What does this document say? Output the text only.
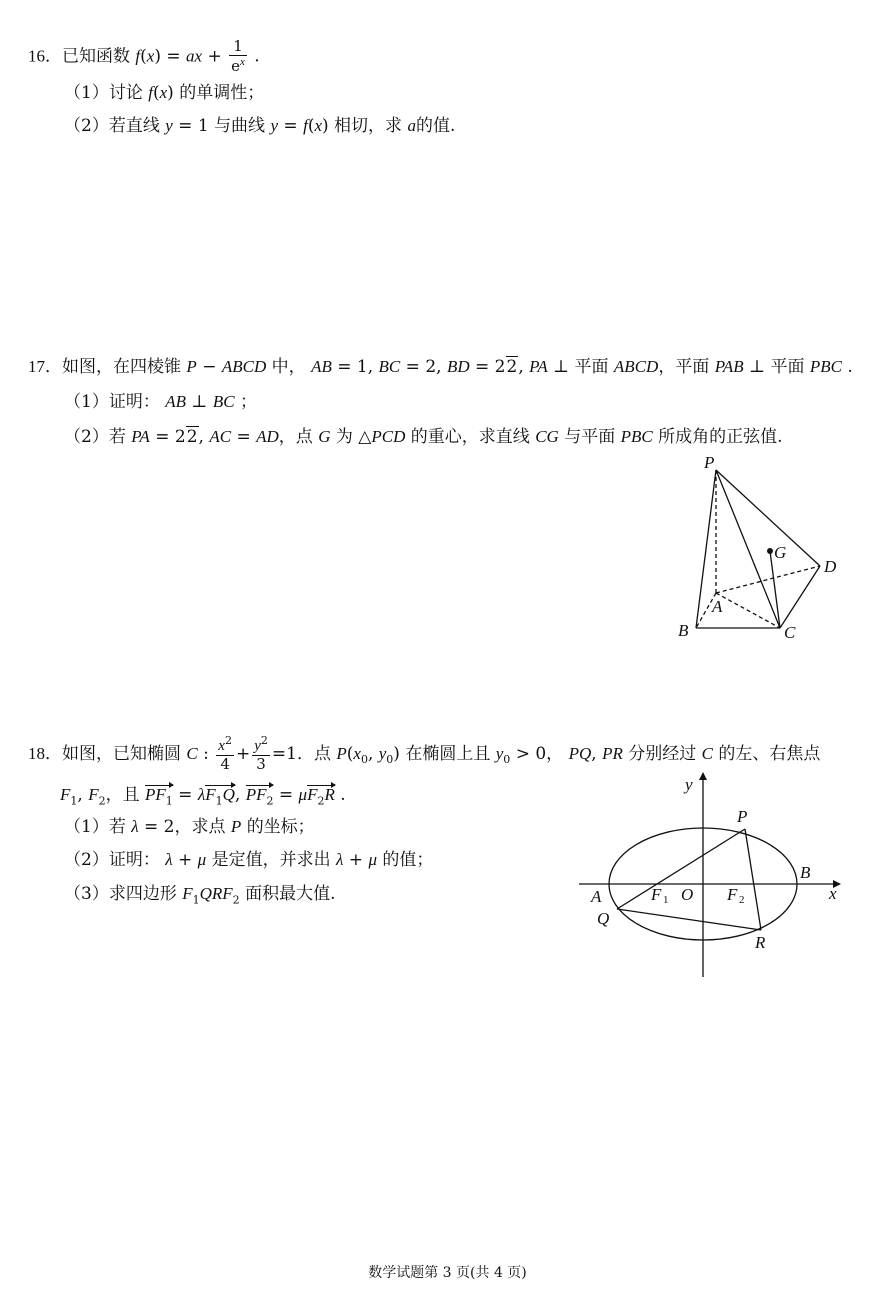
16．已知函数 f(x) = ax + $\frac{1}{e^x}$ .
（1）讨论 f(x) 的单调性；
（2）若直线 y = 1 与曲线 y = f(x) 相切，求 a的值.
17．如图，在四棱锥 P − ABCD 中， AB = 1, BC = 2, BD = 22, PA ⊥ 平面 ABCD，平面 PAB ⊥ 平面 PBC .
（1）证明： AB ⊥ BC ；
（2）若 PA = 22, AC = AD，点 G 为 △PCD 的重心，求直线 CG 与平面 PBC 所成角的正弦值.
P
G
D
A
B	C
18．如图，已知椭圆 C : $\frac{x^2}{4} + \frac{y^2}{3} =1$．点 $P(x_0$, $y_0$) 在椭圆上且 $y_0 > 0$， PQ, PR 分别经过 C 的左、右焦点
$F_1$, $F_2$，且 $PF_1 = \lambda F_1Q$, $PF_2 = \mu F_2R$ .
（1）若 λ = 2，求点 P 的坐标；
（2）证明： λ + μ 是定值，并求出 λ + μ 的值；
（3）求四边形 $F_1QRF_2$ 面积最大值.
y
P
B
x
A	F 1 O F 2
Q
R
数学试题第 3 页(共 4 页)
